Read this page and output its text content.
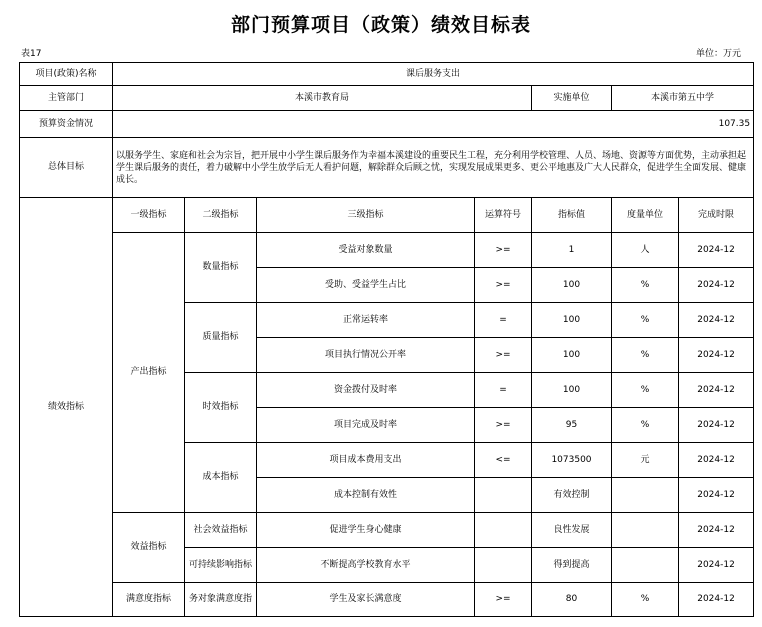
部门预算项目（政策）绩效目标表
表17	单位：万元
项目(政策)名称	课后服务支出						
主管部门	本溪市教育局				实施单位	本溪市第五中学	
预算资金情况	107.35						
总体目标	以服务学生、家庭和社会为宗旨，把开展中小学生课后服务作为幸福本溪建设的重要民生工程，充分利用学校管理、人员、场地、资源等方面优势，主动承担起学生课后服务的责任，着力破解中小学生放学后无人看护问题，解除群众后顾之忧，实现发展成果更多、更公平地惠及广大人民群众，促进学生全面发展、健康成长。						
绩效指标	一级指标	二级指标	三级指标	运算符号	指标值	度量单位	完成时限
	产出指标	数量指标	受益对象数量	>=	1	人	2024-12
			受助、受益学生占比	>=	100	%	2024-12
		质量指标	正常运转率	=	100	%	2024-12
			项目执行情况公开率	>=	100	%	2024-12
		时效指标	资金拨付及时率	=	100	%	2024-12
			项目完成及时率	>=	95	%	2024-12
		成本指标	项目成本费用支出	<=	1073500	元	2024-12
			成本控制有效性		有效控制		2024-12
	效益指标	社会效益指标	促进学生身心健康		良性发展		2024-12
		可持续影响指标	不断提高学校教育水平		得到提高		2024-12
	满意度指标	务对象满意度指	学生及家长满意度	>=	80	%	2024-12
